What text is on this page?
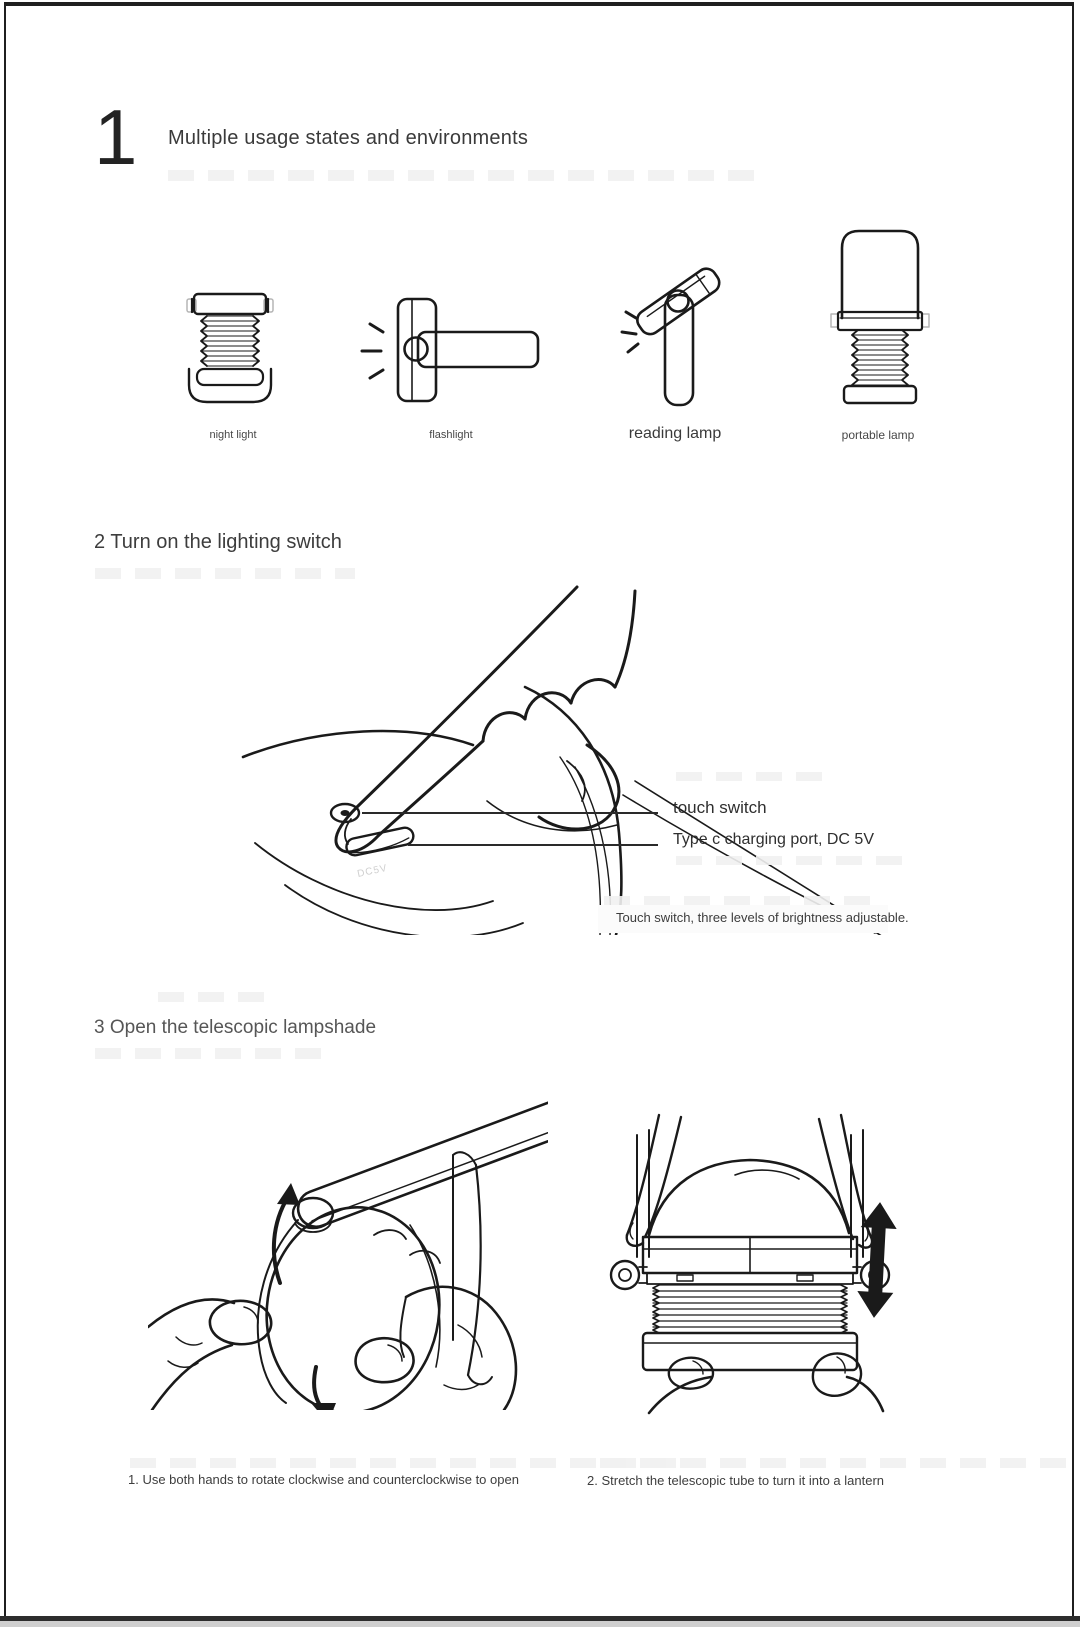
1 Multiple usage states and environments
night light	flashlight	reading lamp	portable lamp
2 Turn on the lighting switch
DC5V
touch switch
Type c charging port, DC 5V
Touch switch, three levels of brightness adjustable.
3 Open the telescopic lampshade
1. Use both hands to rotate clockwise and counterclockwise to open	2. Stretch the telescopic tube to turn it into a lantern
